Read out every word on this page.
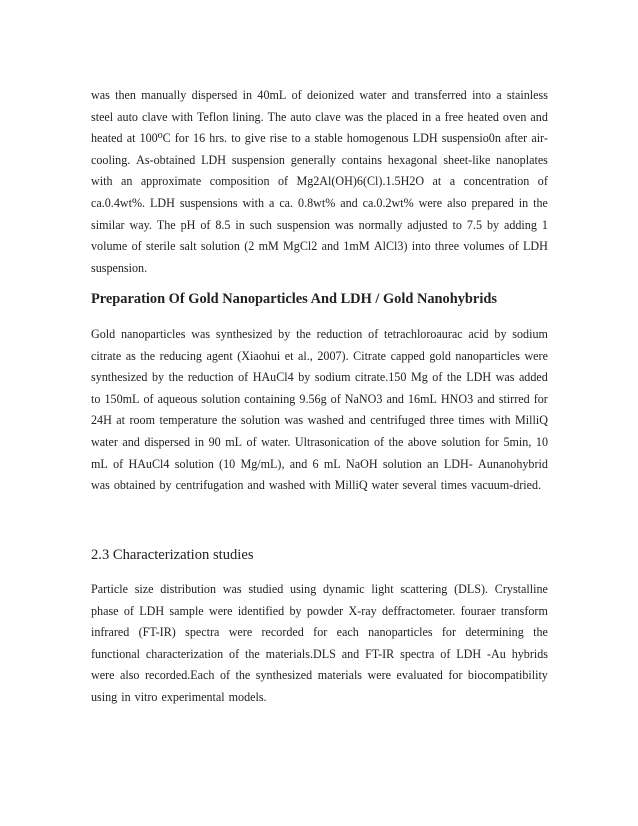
was then manually dispersed in 40mL of deionized water and transferred into a stainless
steel auto clave with Teflon lining. The auto clave was the placed in a free heated oven and
heated at 100⁰C for 16 hrs. to give rise to a stable homogenous LDH suspensio0n after air-
cooling. As-obtained LDH suspension generally contains hexagonal sheet-like nanoplates
with an approximate composition of Mg2Al(OH)6(Cl).1.5H2O at a concentration of
ca.0.4wt%. LDH suspensions with a ca. 0.8wt% and ca.0.2wt% were also prepared in the
similar way. The pH of 8.5 in such suspension was normally adjusted to 7.5 by adding 1
volume of sterile salt solution (2 mM MgCl2 and 1mM AlCl3) into three volumes of LDH
suspension.
Preparation Of Gold Nanoparticles And LDH / Gold Nanohybrids
Gold nanoparticles was synthesized by the reduction of tetrachloroaurac acid by sodium
citrate as the reducing agent (Xiaohui et al., 2007). Citrate capped gold nanoparticles were
synthesized by the reduction of HAuCl4 by sodium citrate.150 Mg of the LDH was added
to 150mL of aqueous solution containing 9.56g of NaNO3 and 16mL HNO3 and stirred for
24H at room temperature the solution was washed and centrifuged three times with MilliQ
water and dispersed in 90 mL of water. Ultrasonication of the above solution for 5min, 10
mL of HAuCl4 solution (10 Mg/mL), and 6 mL NaOH solution an LDH- Aunanohybrid
was obtained by centrifugation and washed with MilliQ water several times vacuum-dried.
2.3 Characterization studies
Particle size distribution was studied using dynamic light scattering (DLS). Crystalline
phase of LDH sample were identified by powder X-ray deffractometer. fouraer transform
infrared (FT-IR) spectra were recorded for each nanoparticles for determining the
functional characterization of the materials.DLS and FT-IR spectra of LDH -Au hybrids
were also recorded.Each of the synthesized materials were evaluated for biocompatibility
using in vitro experimental models.
